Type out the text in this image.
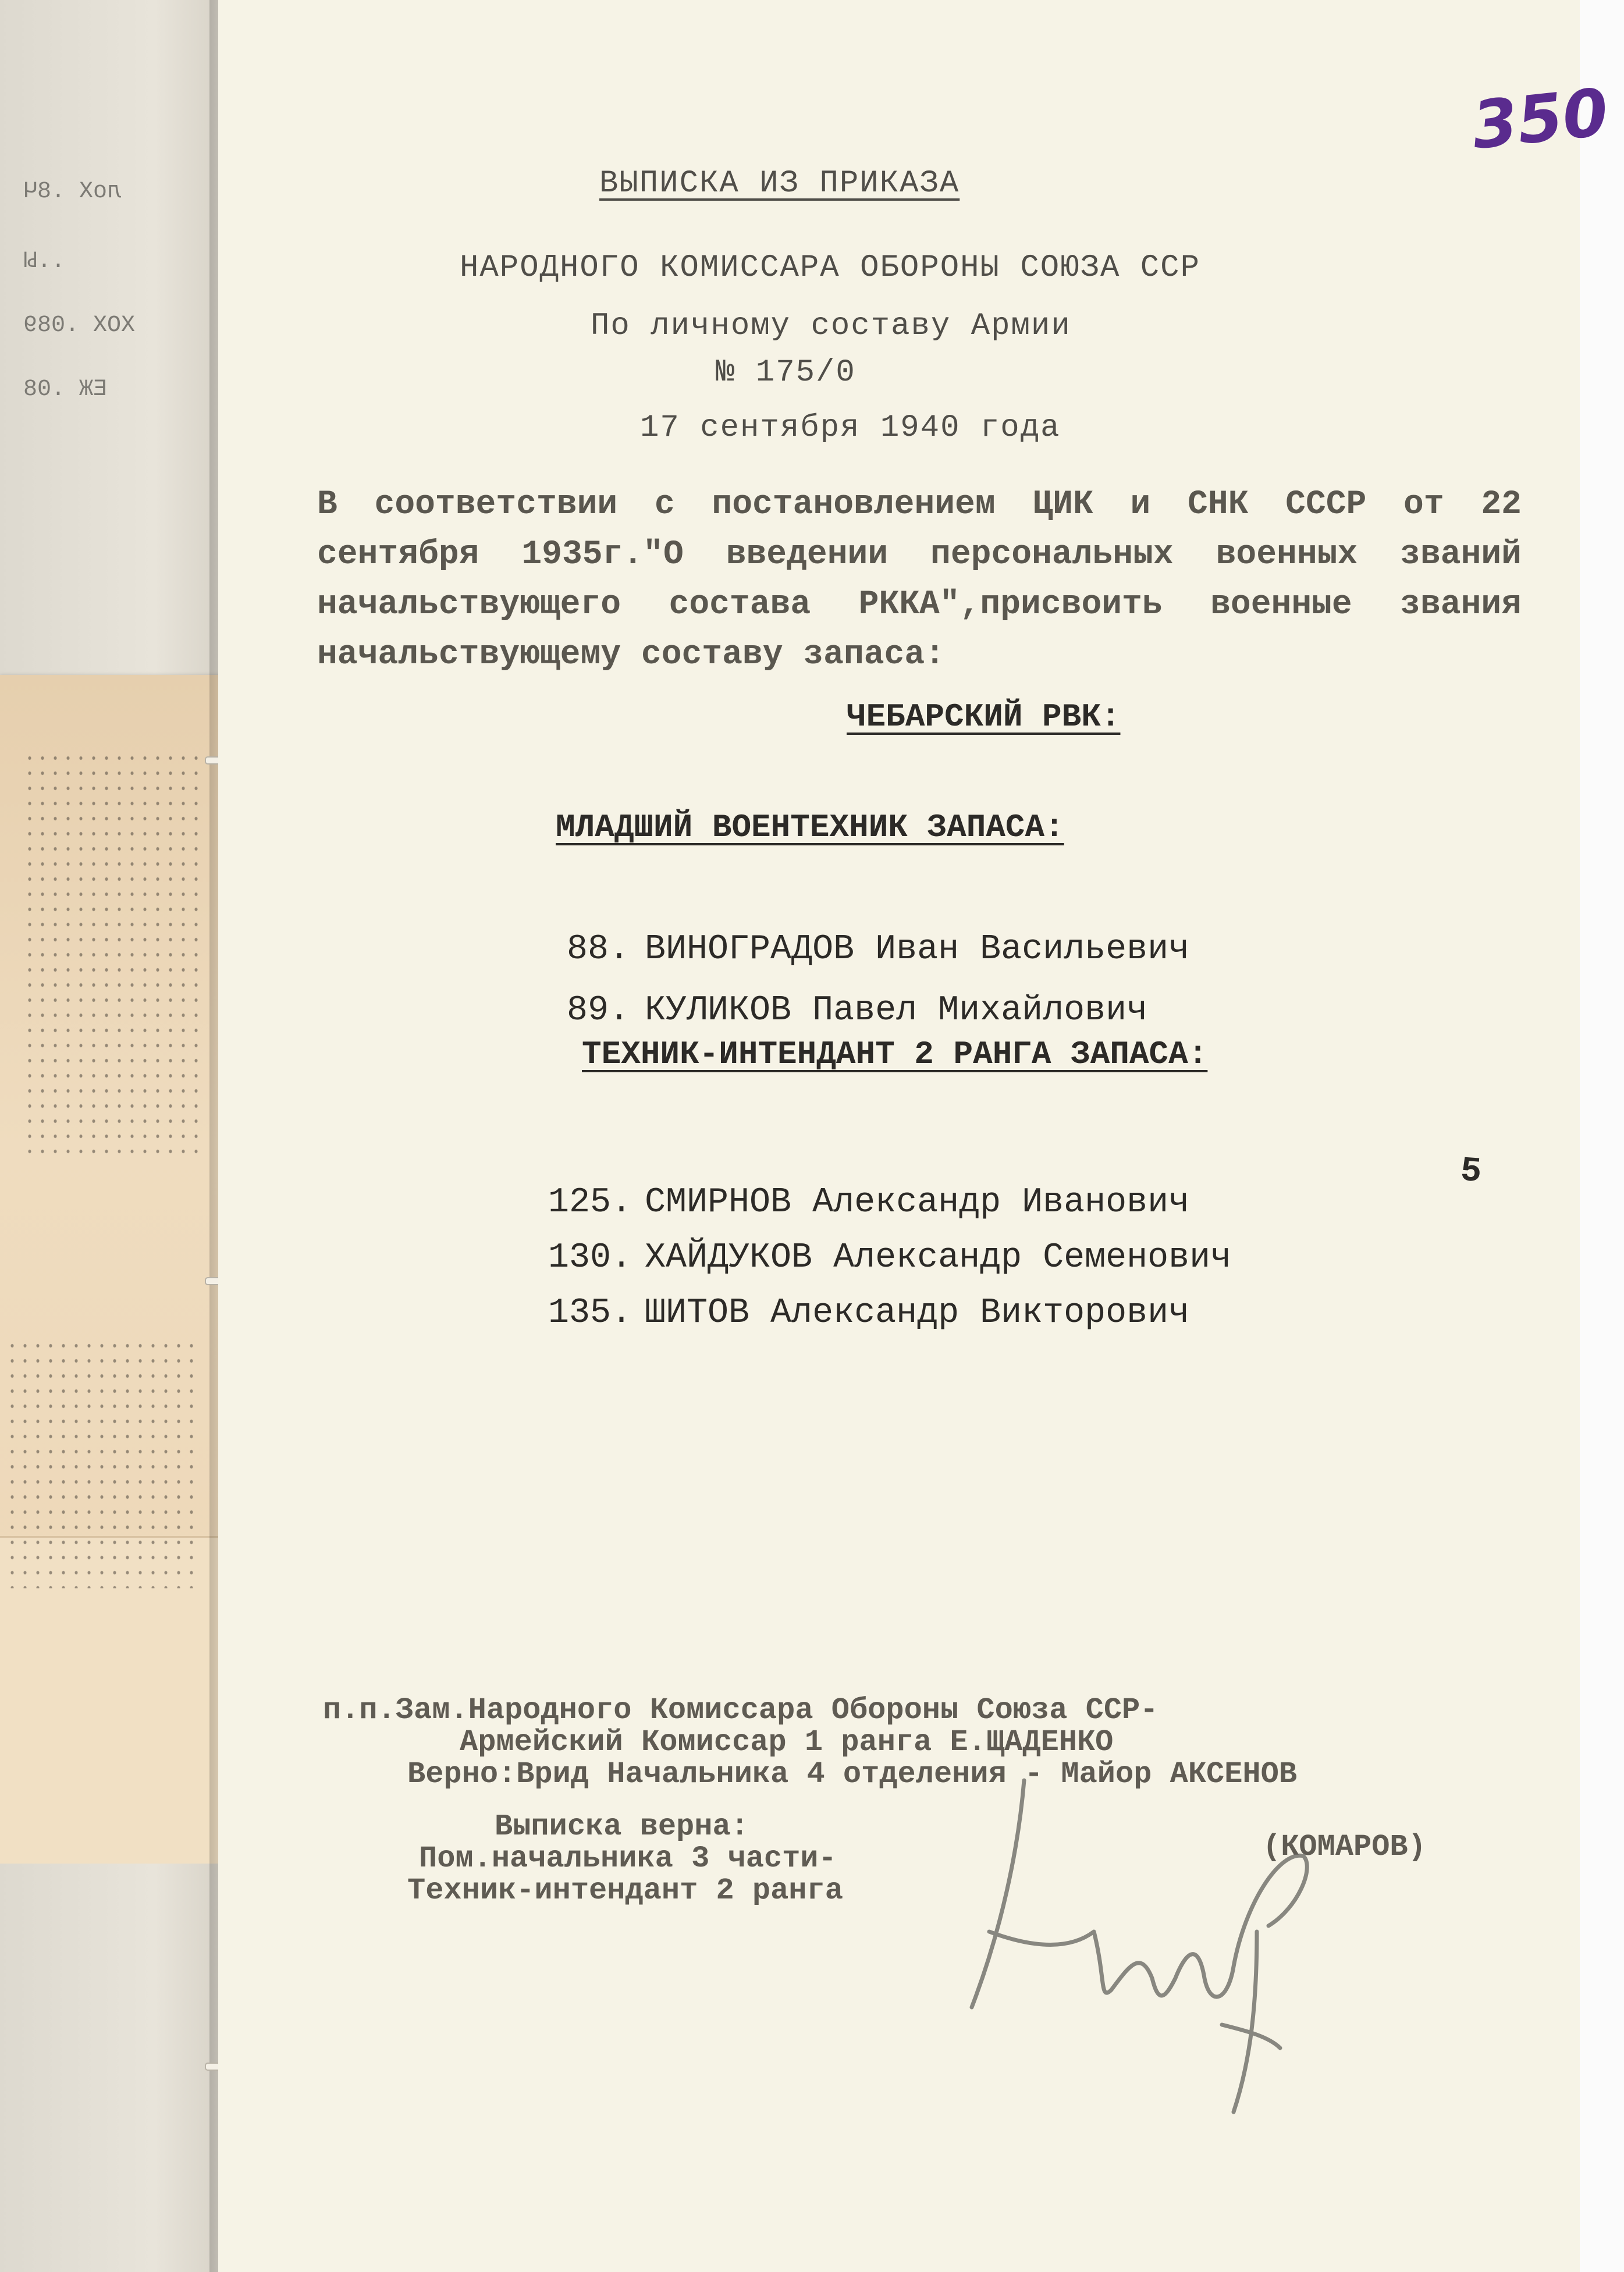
лоХ .8Ч
..Ы
ХОХ .089
ЕЖ .08
350
ВЫПИСКА ИЗ ПРИКАЗА
НАРОДНОГО КОМИССАРА ОБОРОНЫ СОЮЗА ССР
По личному составу Армии
№ 175/0
17 сентября 1940 года

В соответствии с постановлением ЦИК и СНК СССР от 22 сентября 1935г."О введении персональных военных званий начальствующего состава РККА",присвоить военные звания начальствующему составу запаса:

ЧЕБАРСКИЙ РВК:
МЛАДШИЙ ВОЕНТЕХНИК ЗАПАСА:

88. ВИНОГРАДОВ Иван Васильевич

89. КУЛИКОВ Павел Михайлович

ТЕХНИК-ИНТЕНДАНТ 2 РАНГА ЗАПАСА:

125. СМИРНОВ Александр Иванович

130. ХАЙДУКОВ Александр Семенович

135. ШИТОВ Александр Викторович

5
п.п.Зам.Народного Комиссара Обороны Союза ССР-
Армейский Комиссар 1 ранга Е.ЩАДЕНКО
Верно:Врид Начальника 4 отделения - Майор АКСЕНОВ
Выписка верна:
Пом.начальника 3 части-
Техник-интендант 2 ранга
(КОМАРОВ)
